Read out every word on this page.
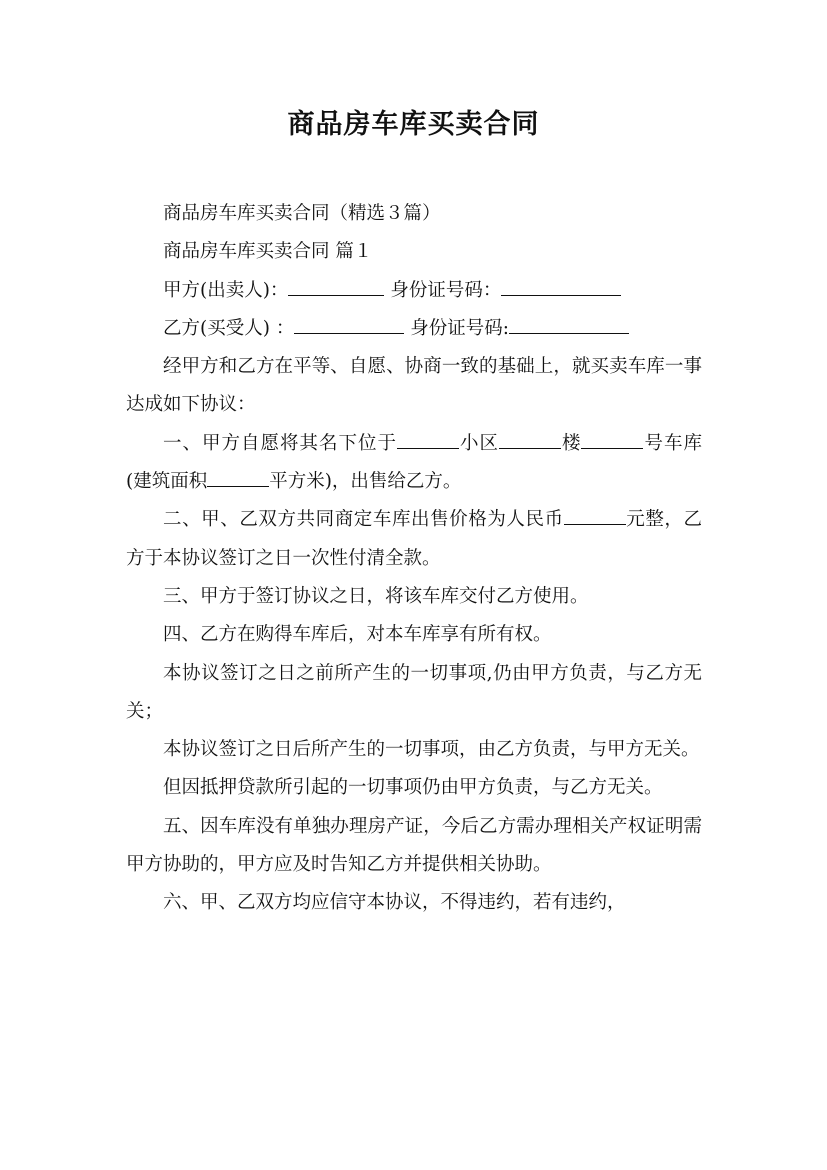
商品房车库买卖合同

商品房车库买卖合同（精选３篇）

商品房车库买卖合同 篇１

甲方(出卖人)：	身份证号码：

乙方(买受人) ：	身份证号码:

经甲方和乙方在平等、自愿、协商一致的基础上，就买卖车库一事达成如下协议：

一、甲方自愿将其名下位于	小区	楼	号车库(建筑面积	平方米)，出售给乙方。

二、甲、乙双方共同商定车库出售价格为人民币	元整，乙方于本协议签订之日一次性付清全款。

三、甲方于签订协议之日，将该车库交付乙方使用。

四、乙方在购得车库后，对本车库享有所有权。

本协议签订之日之前所产生的一切事项,仍由甲方负责，与乙方无关；

本协议签订之日后所产生的一切事项，由乙方负责，与甲方无关。

但因抵押贷款所引起的一切事项仍由甲方负责，与乙方无关。

五、因车库没有单独办理房产证，今后乙方需办理相关产权证明需甲方协助的，甲方应及时告知乙方并提供相关协助。

六、甲、乙双方均应信守本协议，不得违约，若有违约，
